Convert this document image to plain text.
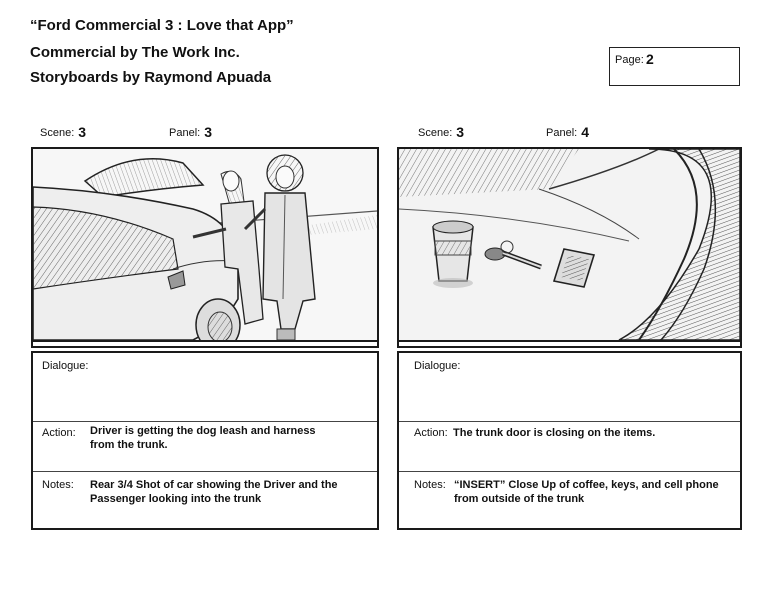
“Ford Commercial 3 : Love that App”
Commercial by The Work Inc.
Storyboards by Raymond Apuada
Page: 2
Scene: 3	Panel: 3	Scene: 3	Panel: 4
Dialogue:
Action: Driver is getting the dog leash and harness from the trunk.
Notes: Rear 3/4 Shot of car showing the Driver and the Passenger looking into the trunk
Dialogue:
Action: The trunk door is closing on the items.
Notes: “INSERT” Close Up of coffee, keys, and cell phone from outside of the trunk
